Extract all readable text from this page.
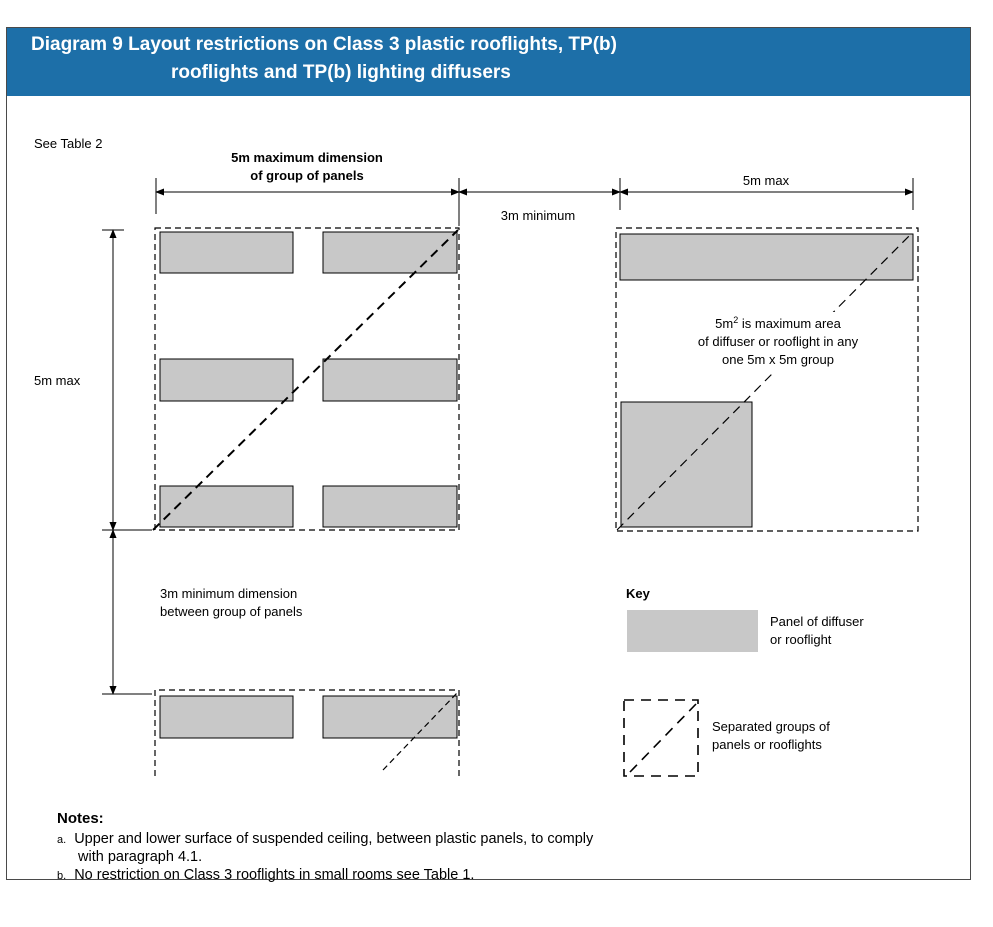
Diagram 9 Layout restrictions on Class 3 plastic rooflights, TP(b)
rooflights and TP(b) lighting diffusers
See Table 2
5m maximum dimension
of group of panels
3m minimum
5m max
5m max
3m minimum dimension
between group of panels
$5m^2$ is maximum area
of diffuser or rooflight in any
one 5m x 5m group
Key
Panel of diffuser
or rooflight
Separated groups of
panels or rooflights
Notes:
a. Upper and lower surface of suspended ceiling, between plastic panels, to comply
with paragraph 4.1.
b. No restriction on Class 3 rooflights in small rooms see Table 1.
